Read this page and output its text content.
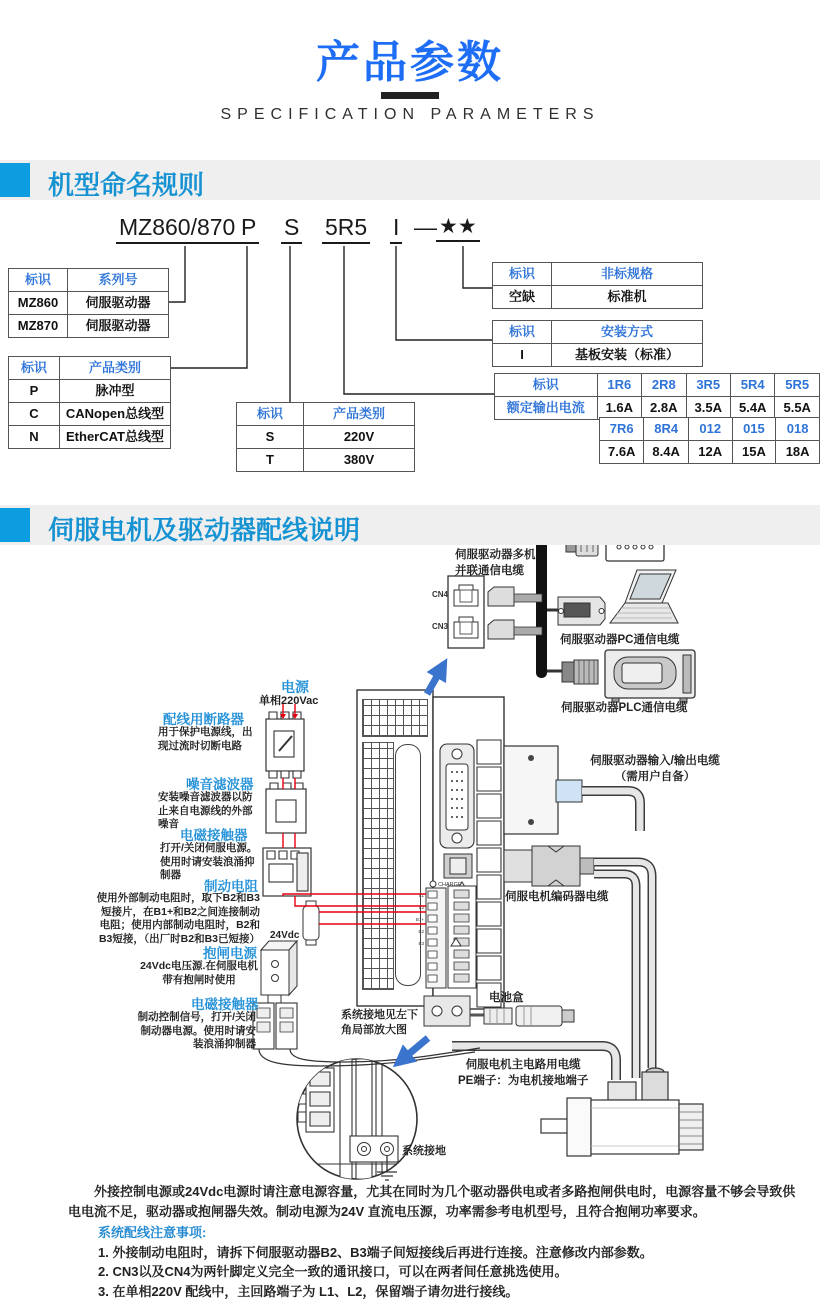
L1
L2
B1+
B2
B3
CHARGE
产品参数
SPECIFICATION PARAMETERS
机型命名规则
MZ860/870 P S 5R5 I — ★★
标识	系列号
MZ860	伺服驱动器
MZ870	伺服驱动器
标识	产品类别
P	脉冲型
C	CANopen总线型
N	EtherCAT总线型
标识	产品类别
S	220V
T	380V
标识	非标规格
空缺	标准机
标识	安装方式
I	基板安装（标准）
标识	1R6	2R8	3R5	5R4	5R5
额定输出电流	1.6A	2.8A	3.5A	5.4A	5.5A
7R6	8R4	012	015	018
7.6A	8.4A	12A	15A	18A
伺服电机及驱动器配线说明
伺服驱动器多机
并联通信电缆
CN4
CN3
伺服驱动器PC通信电缆
伺服驱动器PLC通信电缆
电源
单相220Vac
配线用断路器
用于保护电源线，出现过流时切断电路
噪音滤波器
安装噪音滤波器以防止来自电源线的外部噪音
电磁接触器
打开/关闭伺服电源。使用时请安装浪涌抑制器
制动电阻
使用外部制动电阻时，取下B2和B3短接片，在B1+和B2之间连接制动电阻；使用内部制动电阻时，B2和B3短接，（出厂时B2和B3已短接） 24Vdc
抱闸电源
24Vdc电压源.在伺服电机带有抱闸时使用
电磁接触器
制动控制信号，打开/关闭制动器电源。使用时请安装浪涌抑制器
伺服驱动器输入/输出电缆
（需用户自备）
伺服电机编码器电缆
电池盒
系统接地见左下
角局部放大图
伺服电机主电路用电缆
PE端子：为电机接地端子
系统接地

外接控制电源或24Vdc电源时请注意电源容量，尤其在同时为几个驱动器供电或者多路抱闸供电时，电源容量不够会导致供电电流不足，驱动器或抱闸器失效。制动电源为24V 直流电压源，功率需参考电机型号，且符合抱闸功率要求。

系统配线注意事项:
1. 外接制动电阻时，请拆下伺服驱动器B2、B3端子间短接线后再进行连接。注意修改内部参数。
2. CN3以及CN4为两针脚定义完全一致的通讯接口，可以在两者间任意挑选使用。
3. 在单相220V 配线中，主回路端子为 L1、L2，保留端子请勿进行接线。
